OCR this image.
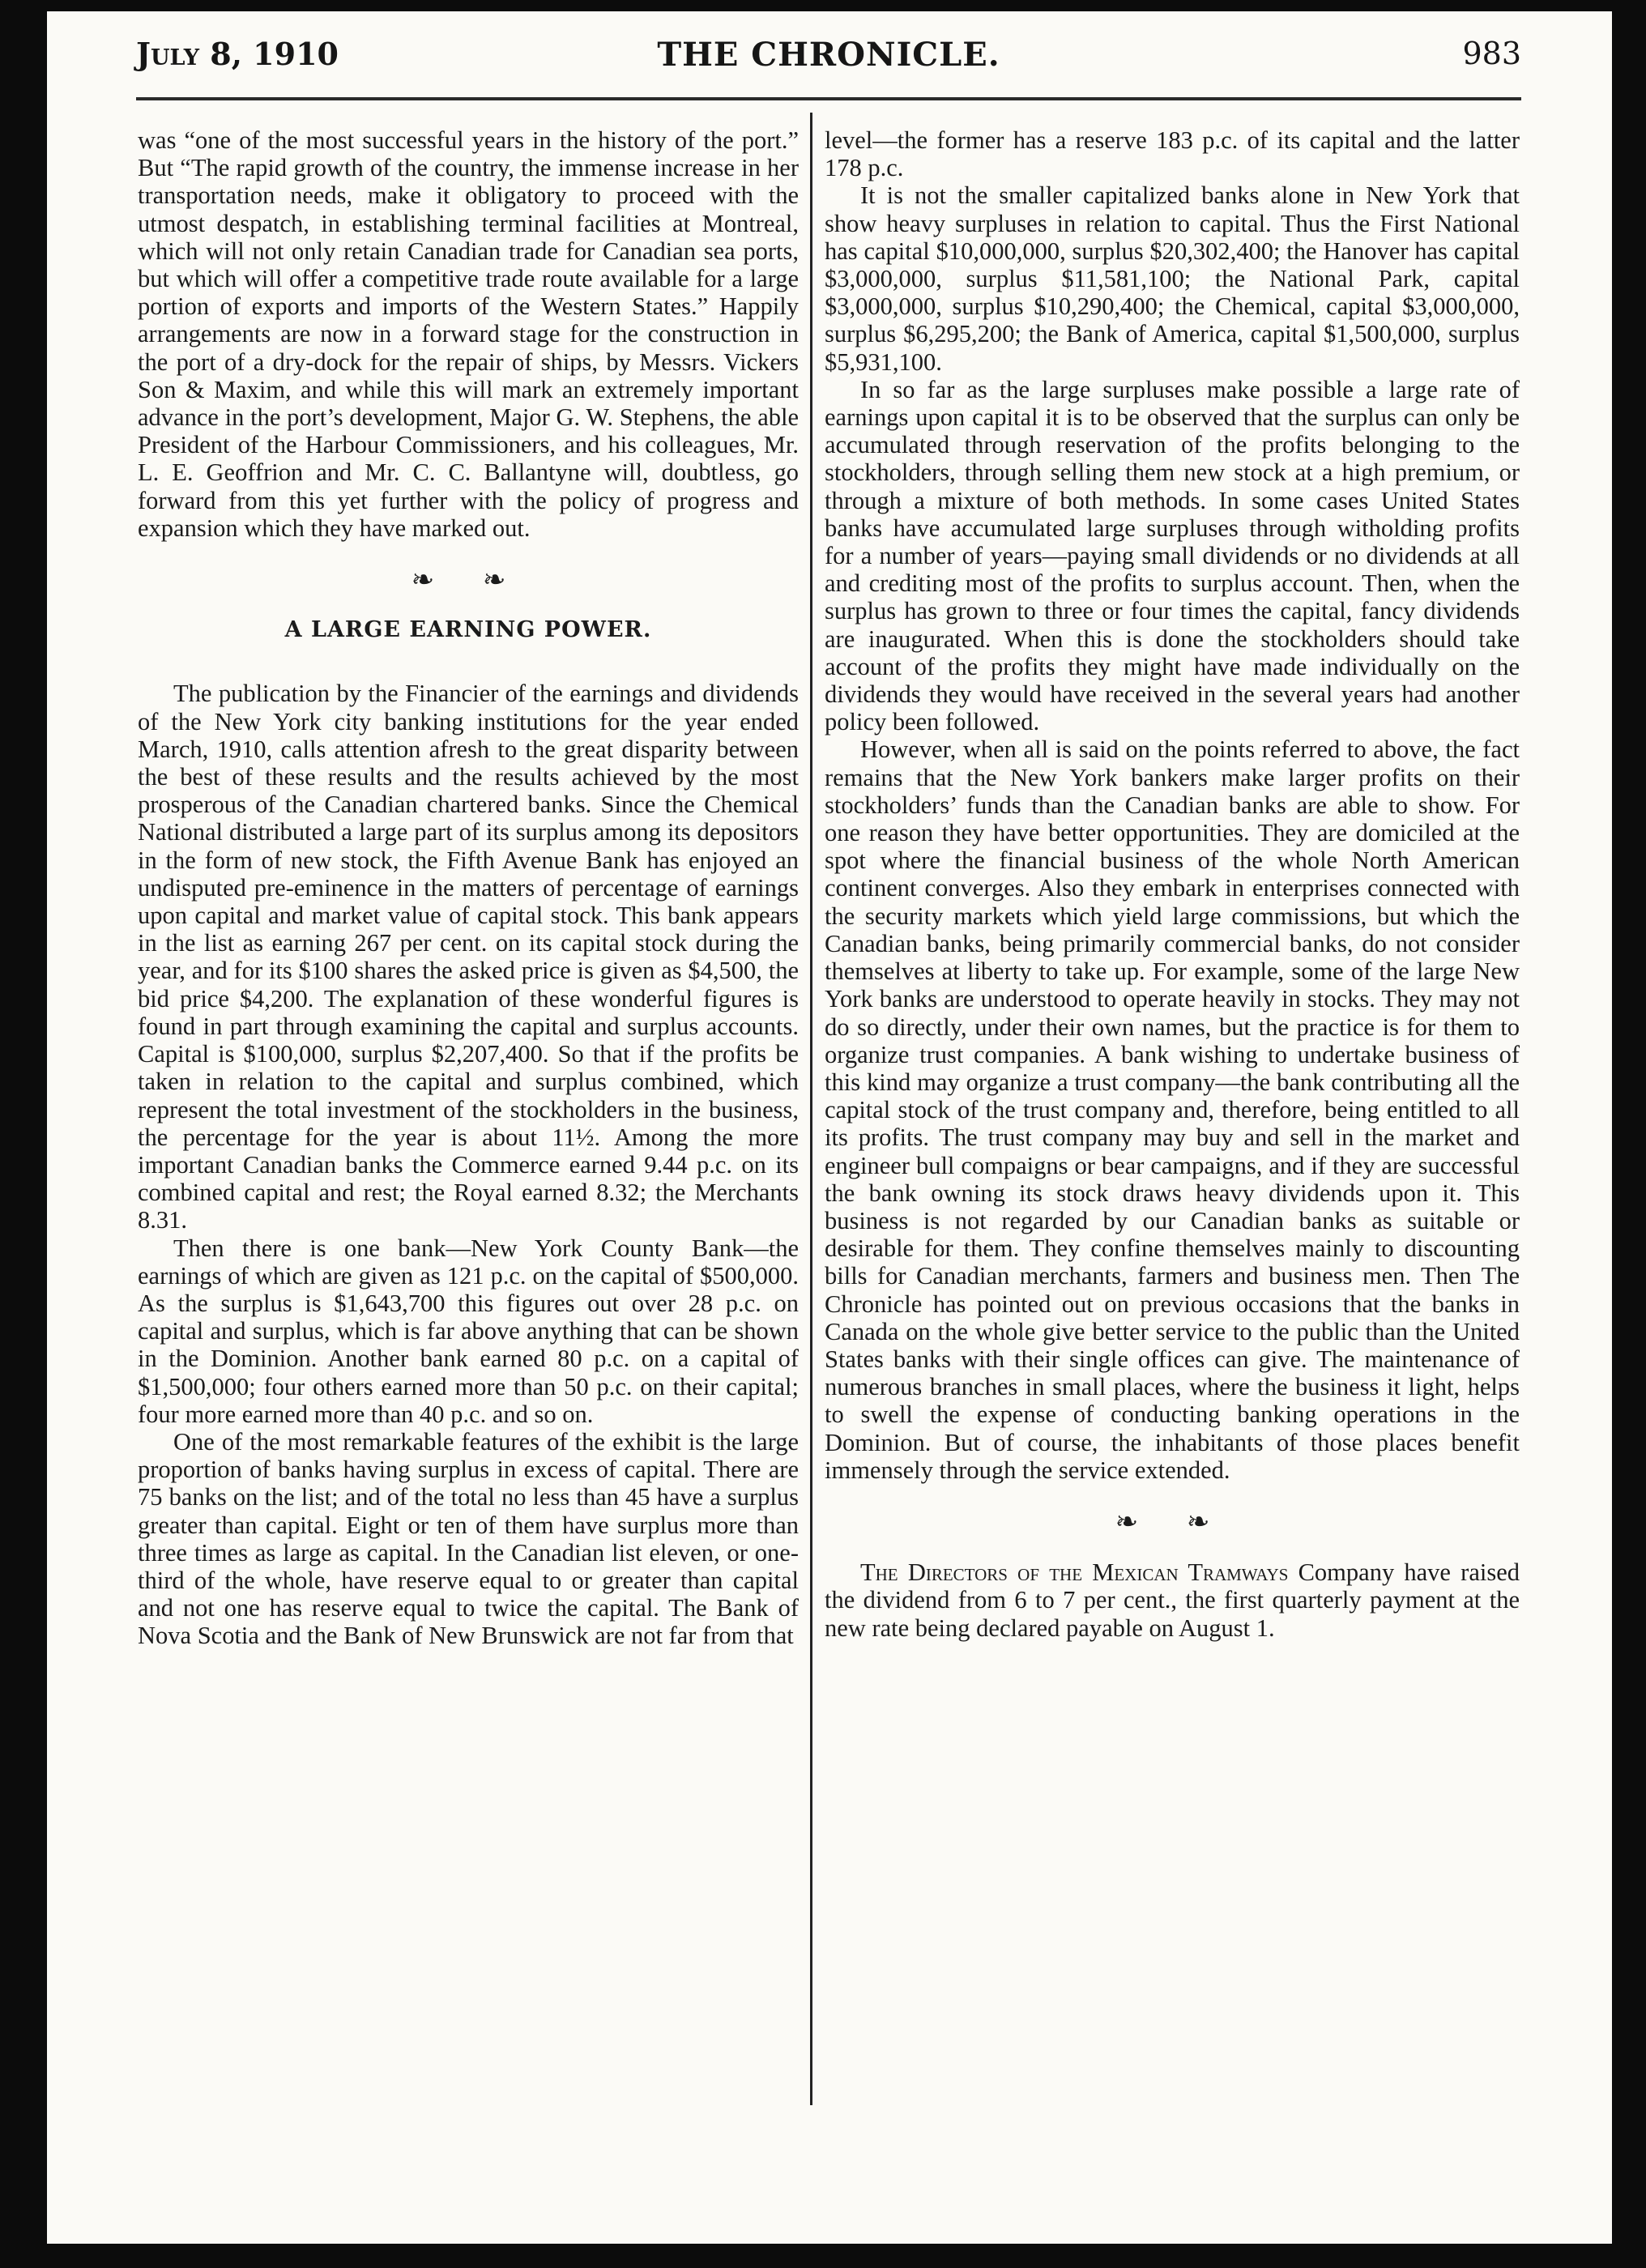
July 8, 1910	THE CHRONICLE.	983

was “one of the most successful years in the history of the port.” But “The rapid growth of the country, the immense increase in her transportation needs, make it obligatory to proceed with the utmost despatch, in establishing terminal facilities at Montreal, which will not only retain Canadian trade for Canadian sea ports, but which will offer a competitive trade route available for a large portion of exports and imports of the Western States.” Happily arrangements are now in a forward stage for the construction in the port of a dry-dock for the repair of ships, by Messrs. Vickers Son & Maxim, and while this will mark an extremely important advance in the port’s development, Major G. W. Stephens, the able President of the Harbour Commissioners, and his colleagues, Mr. L. E. Geoffrion and Mr. C. C. Ballantyne will, doubtless, go forward from this yet further with the policy of progress and expansion which they have marked out.

❧ ❧
A LARGE EARNING POWER.

The publication by the Financier of the earnings and dividends of the New York city banking institutions for the year ended March, 1910, calls attention afresh to the great disparity between the best of these results and the results achieved by the most prosperous of the Canadian chartered banks. Since the Chemical National distributed a large part of its surplus among its depositors in the form of new stock, the Fifth Avenue Bank has enjoyed an undisputed pre-eminence in the matters of percentage of earnings upon capital and market value of capital stock. This bank appears in the list as earning 267 per cent. on its capital stock during the year, and for its $100 shares the asked price is given as $4,500, the bid price $4,200. The explanation of these wonderful figures is found in part through examining the capital and surplus accounts. Capital is $100,000, surplus $2,207,400. So that if the profits be taken in relation to the capital and surplus combined, which represent the total investment of the stockholders in the business, the percentage for the year is about 11½. Among the more important Canadian banks the Commerce earned 9.44 p.c. on its combined capital and rest; the Royal earned 8.32; the Merchants 8.31.

Then there is one bank—New York County Bank—the earnings of which are given as 121 p.c. on the capital of $500,000. As the surplus is $1,643,700 this figures out over 28 p.c. on capital and surplus, which is far above anything that can be shown in the Dominion. Another bank earned 80 p.c. on a capital of $1,500,000; four others earned more than 50 p.c. on their capital; four more earned more than 40 p.c. and so on.

One of the most remarkable features of the exhibit is the large proportion of banks having surplus in excess of capital. There are 75 banks on the list; and of the total no less than 45 have a surplus greater than capital. Eight or ten of them have surplus more than three times as large as capital. In the Canadian list eleven, or one-third of the whole, have reserve equal to or greater than capital and not one has reserve equal to twice the capital. The Bank of Nova Scotia and the Bank of New Brunswick are not far from that

level—the former has a reserve 183 p.c. of its capital and the latter 178 p.c.

It is not the smaller capitalized banks alone in New York that show heavy surpluses in relation to capital. Thus the First National has capital $10,000,000, surplus $20,302,400; the Hanover has capital $3,000,000, surplus $11,581,100; the National Park, capital $3,000,000, surplus $10,290,400; the Chemical, capital $3,000,000, surplus $6,295,200; the Bank of America, capital $1,500,000, surplus $5,931,100.

In so far as the large surpluses make possible a large rate of earnings upon capital it is to be observed that the surplus can only be accumulated through reservation of the profits belonging to the stockholders, through selling them new stock at a high premium, or through a mixture of both methods. In some cases United States banks have accumulated large surpluses through witholding profits for a number of years—paying small dividends or no dividends at all and crediting most of the profits to surplus account. Then, when the surplus has grown to three or four times the capital, fancy dividends are inaugurated. When this is done the stockholders should take account of the profits they might have made individually on the dividends they would have received in the several years had another policy been followed.

However, when all is said on the points referred to above, the fact remains that the New York bankers make larger profits on their stockholders’ funds than the Canadian banks are able to show. For one reason they have better opportunities. They are domiciled at the spot where the financial business of the whole North American continent converges. Also they embark in enterprises connected with the security markets which yield large commissions, but which the Canadian banks, being primarily commercial banks, do not consider themselves at liberty to take up. For example, some of the large New York banks are understood to operate heavily in stocks. They may not do so directly, under their own names, but the practice is for them to organize trust companies. A bank wishing to undertake business of this kind may organize a trust company—the bank contributing all the capital stock of the trust company and, therefore, being entitled to all its profits. The trust company may buy and sell in the market and engineer bull compaigns or bear campaigns, and if they are successful the bank owning its stock draws heavy dividends upon it. This business is not regarded by our Canadian banks as suitable or desirable for them. They confine themselves mainly to discounting bills for Canadian merchants, farmers and business men. Then The Chronicle has pointed out on previous occasions that the banks in Canada on the whole give better service to the public than the United States banks with their single offices can give. The maintenance of numerous branches in small places, where the business it light, helps to swell the expense of conducting banking operations in the Dominion. But of course, the inhabitants of those places benefit immensely through the service extended.

❧ ❧

The Directors of the Mexican Tramways Company have raised the dividend from 6 to 7 per cent., the first quarterly payment at the new rate being declared payable on August 1.
